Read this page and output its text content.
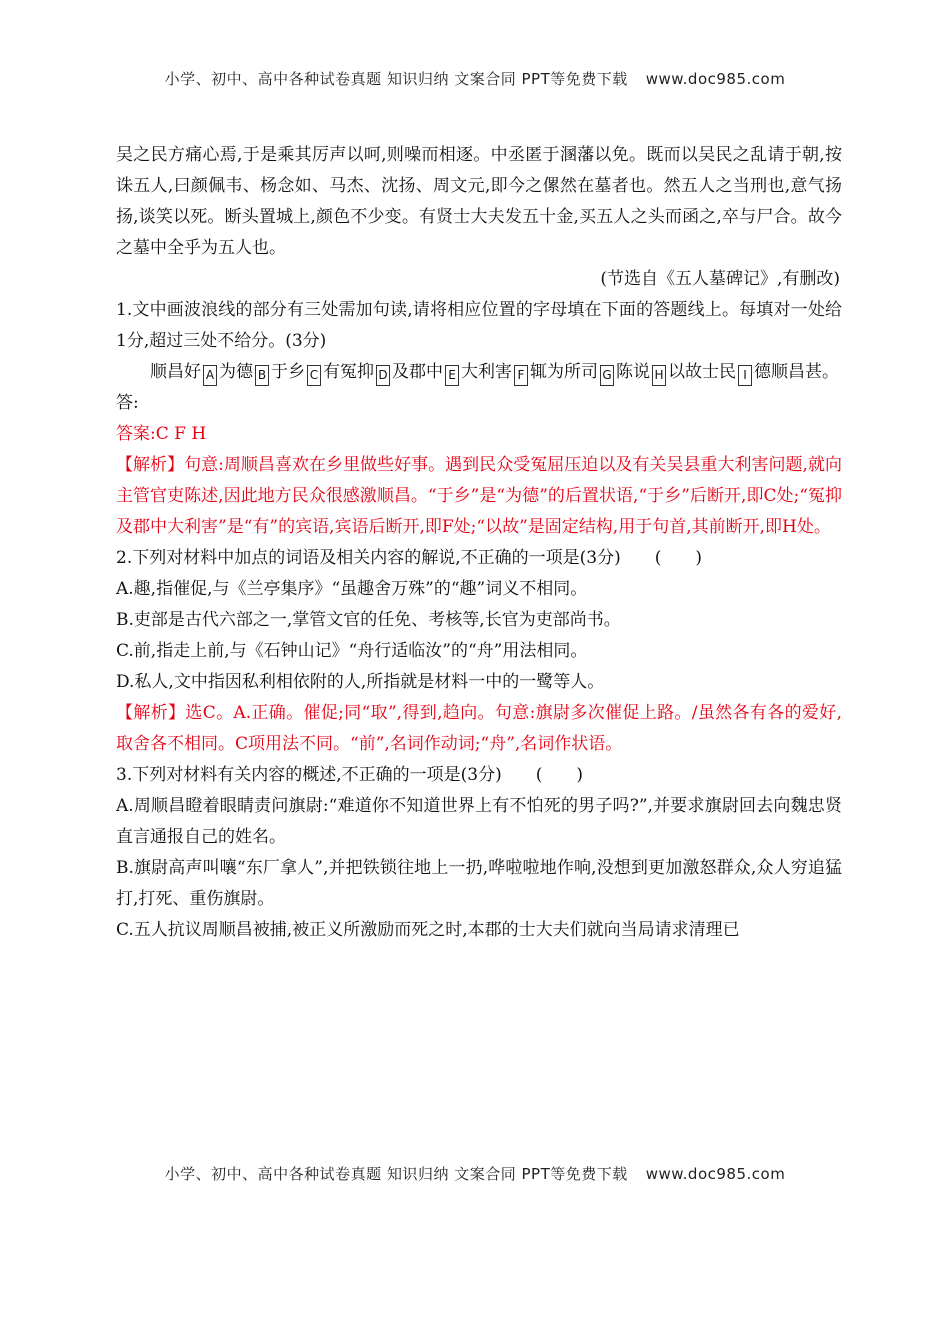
小学、初中、高中各种试卷真题 知识归纳 文案合同 PPT等免费下载 www.doc985.com

吴之民方痛心焉,于是乘其厉声以呵,则噪而相逐。中丞匿于溷藩以免。既而以吴民之乱请于朝,按诛五人,曰颜佩韦、杨念如、马杰、沈扬、周文元,即今之傫然在墓者也。然五人之当刑也,意气扬扬,谈笑以死。断头置城上,颜色不少变。有贤士大夫发五十金,买五人之头而函之,卒与尸合。故今之墓中全乎为五人也。

(节选自《五人墓碑记》,有删改)

1.文中画波浪线的部分有三处需加句读,请将相应位置的字母填在下面的答题线上。每填对一处给1分,超过三处不给分。(3分)

顺昌好 A 为德 B 于乡 C 有冤抑 D 及郡中 E 大利害 F 辄为所司 G 陈说 H 以故士民 I 德顺昌甚。

答:

答案:C F H

【解析】句意:周顺昌喜欢在乡里做些好事。遇到民众受冤屈压迫以及有关吴县重大利害问题,就向主管官吏陈述,因此地方民众很感激顺昌。“于乡”是“为德”的后置状语,“于乡”后断开,即C处;“冤抑及郡中大利害”是“有”的宾语,宾语后断开,即F处;“以故”是固定结构,用于句首,其前断开,即H处。

2.下列对材料中加点的词语及相关内容的解说,不正确的一项是(3分)　　(　　)

A.趣,指催促,与《兰亭集序》“虽趣舍万殊”的“趣”词义不相同。

B.吏部是古代六部之一,掌管文官的任免、考核等,长官为吏部尚书。

C.前,指走上前,与《石钟山记》“舟行适临汝”的“舟”用法相同。

D.私人,文中指因私利相依附的人,所指就是材料一中的一鹭等人。

【解析】选C。A.正确。催促;同“取”,得到,趋向。句意:旗尉多次催促上路。/虽然各有各的爱好,取舍各不相同。C项用法不同。“前”,名词作动词;“舟”,名词作状语。

3.下列对材料有关内容的概述,不正确的一项是(3分)　　(　　)

A.周顺昌瞪着眼睛责问旗尉:“难道你不知道世界上有不怕死的男子吗?”,并要求旗尉回去向魏忠贤直言通报自己的姓名。

B.旗尉高声叫嚷“东厂拿人”,并把铁锁往地上一扔,哗啦啦地作响,没想到更加激怒群众,众人穷追猛打,打死、重伤旗尉。

C.五人抗议周顺昌被捕,被正义所激励而死之时,本郡的士大夫们就向当局请求清理已

小学、初中、高中各种试卷真题 知识归纳 文案合同 PPT等免费下载 www.doc985.com
